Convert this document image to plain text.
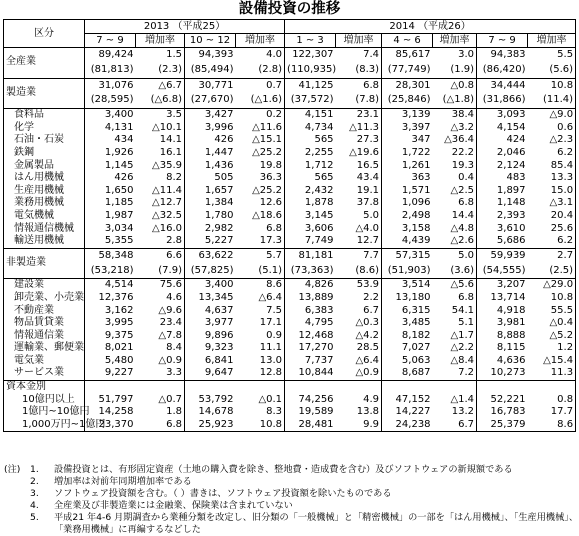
設備投資の推移
区分	2013 （平成25）				2014 （平成26）					
	7 ~ 9	増加率	10 ~ 12	増加率	1 ~ 3	増加率	4 ~ 6	増加率	7 ~ 9	増加率
全産業	89,424	1.5	94,393	4.0	122,307	7.4	85,617	3.0	94,383	5.5
	(81,813)	(2.3)	(85,494)	(2.8)	(110,935)	(8.3)	(77,749)	(1.9)	(86,420)	(5.6)
製造業	31,076	△6.7	30,771	0.7	41,125	6.8	28,301	△0.8	34,444	10.8
	(28,595)	(△6.8)	(27,670)	(△1.6)	(37,572)	(7.8)	(25,846)	(△1.8)	(31,866)	(11.4)
食料品	3,400	3.5	3,427	0.2	4,151	23.1	3,139	38.4	3,093	△9.0
化学	4,131	△10.1	3,996	△11.6	4,734	△11.3	3,397	△3.2	4,154	0.6
石油・石炭	434	14.1	426	△15.1	565	27.3	347	△36.4	424	△2.3
鉄鋼	1,926	16.1	1,447	△25.2	2,255	△19.6	1,722	22.2	2,046	6.2
金属製品	1,145	△35.9	1,436	19.8	1,712	16.5	1,261	19.3	2,124	85.4
はん用機械	426	8.2	505	36.3	565	43.4	363	0.4	483	13.3
生産用機械	1,650	△11.4	1,657	△25.2	2,432	19.1	1,571	△2.5	1,897	15.0
業務用機械	1,185	△12.7	1,384	12.6	1,878	37.8	1,096	6.8	1,148	△3.1
電気機械	1,987	△32.5	1,780	△18.6	3,145	5.0	2,498	14.4	2,393	20.4
情報通信機械	3,034	△16.0	2,982	6.8	3,606	△4.0	3,158	△4.8	3,610	25.6
輸送用機械	5,355	2.8	5,227	17.3	7,749	12.7	4,439	△2.6	5,686	6.2
非製造業	58,348	6.6	63,622	5.7	81,181	7.7	57,315	5.0	59,939	2.7
	(53,218)	(7.9)	(57,825)	(5.1)	(73,363)	(8.6)	(51,903)	(3.6)	(54,555)	(2.5)
建設業	4,514	75.6	3,400	8.6	4,826	53.9	3,514	△5.6	3,207	△29.0
卸売業、小売業	12,376	4.6	13,345	△6.4	13,889	2.2	13,180	6.8	13,714	10.8
不動産業	3,162	△9.6	4,637	7.5	6,383	6.7	6,315	54.1	4,918	55.5
物品賃貸業	3,995	23.4	3,977	17.1	4,795	△0.3	3,485	5.1	3,981	△0.4
情報通信業	9,375	△7.8	9,896	0.9	12,468	△4.2	8,182	△1.7	8,888	△5.2
運輸業、郵便業	8,021	8.4	9,323	11.1	17,270	28.5	7,027	△2.2	8,115	1.2
電気業	5,480	△0.9	6,841	13.0	7,737	△6.4	5,063	△8.4	4,636	△15.4
サービス業	9,227	3.3	9,647	12.8	10,844	△0.9	8,687	7.2	10,273	11.3
資本金別										
10億円以上	51,797	△0.7	53,792	△0.1	74,256	4.9	47,152	△1.4	52,221	0.8
1億円~10億円	14,258	1.8	14,678	8.3	19,589	13.8	14,227	13.2	16,783	17.7
1,000万円~1億円	23,370	6.8	25,923	10.8	28,481	9.9	24,238	6.7	25,379	8.6
(注) 1. 設備投資とは、有形固定資産（土地の購入費を除き、整地費・造成費を含む）及びソフトウェアの新規額である
2. 増加率は対前年同期増加率である
3. ソフトウェア投資額を含む。（ ）書きは、ソフトウェア投資額を除いたものである
4. 全産業及び非製造業には金融業、保険業は含まれていない
5. 平成21 年4-6 月期調査から業種分類を改定し、旧分類の「一般機械」と「精密機械」の一部を「はん用機械」、「生産用機械」、
「業務用機械」に再編するなどした
